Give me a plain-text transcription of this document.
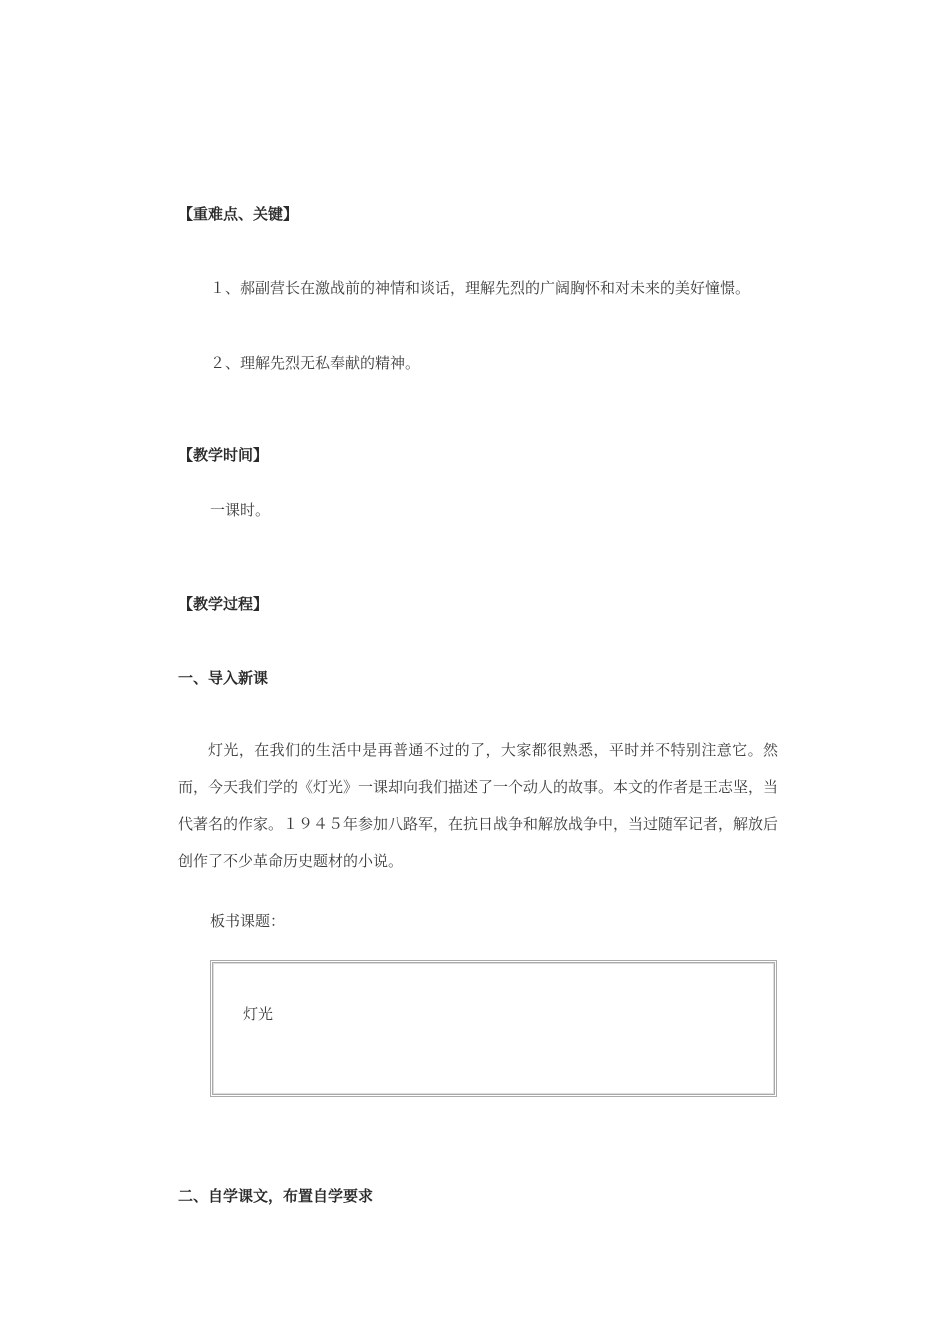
【重难点、关键】
１、郝副营长在激战前的神情和谈话，理解先烈的广阔胸怀和对未来的美好憧憬。
２、理解先烈无私奉献的精神。
【教学时间】
一课时。
【教学过程】
一、导入新课
灯光，在我们的生活中是再普通不过的了，大家都很熟悉，平时并不特别注意它。然而，今天我们学的《灯光》一课却向我们描述了一个动人的故事。本文的作者是王志坚，当代著名的作家。１９４５年参加八路军，在抗日战争和解放战争中，当过随军记者，解放后创作了不少革命历史题材的小说。
板书课题：
灯光
二、自学课文，布置自学要求
